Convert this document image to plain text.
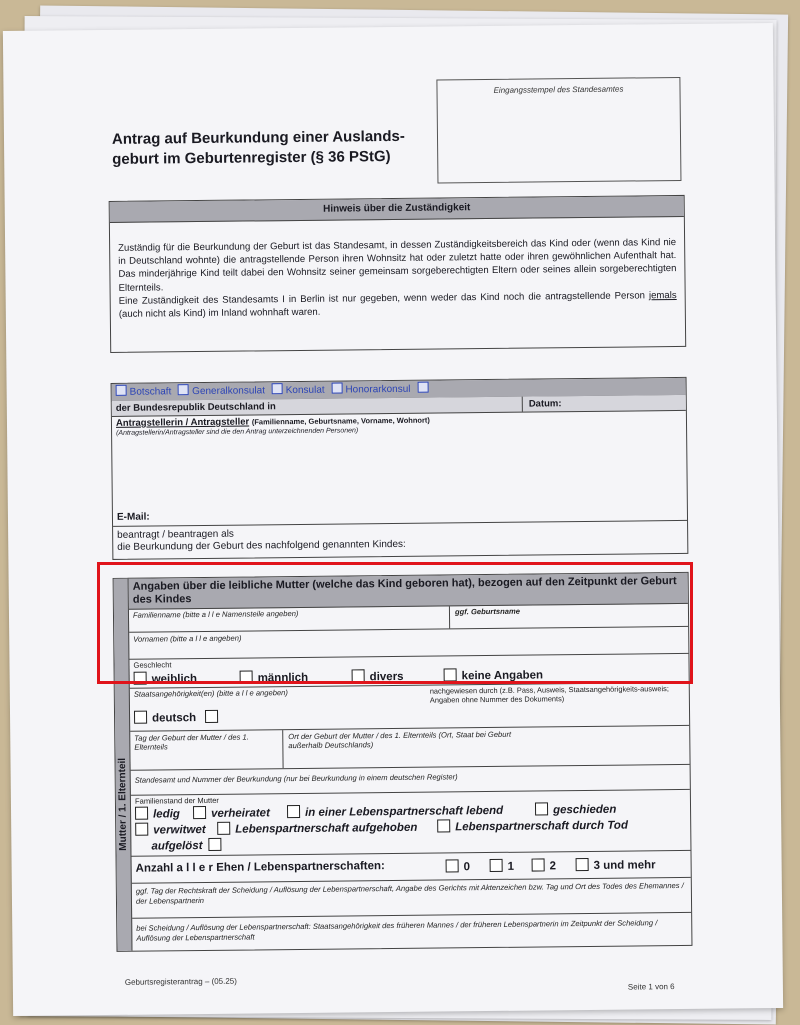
Eingangsstempel des Standesamtes
Antrag auf Beurkundung einer Auslands-
geburt im Geburtenregister (§ 36 PStG)
Hinweis über die Zuständigkeit
Zuständig für die Beurkundung der Geburt ist das Standesamt, in dessen Zuständigkeitsbereich das Kind oder (wenn das Kind nie in Deutschland wohnte) die antragstellende Person ihren Wohnsitz hat oder zuletzt hatte oder ihren gewöhnlichen Aufenthalt hat. Das minderjährige Kind teilt dabei den Wohnsitz seiner gemeinsam sorgeberechtigten Eltern oder seines allein sorgeberechtigten Elternteils.
Eine Zuständigkeit des Standesamts I in Berlin ist nur gegeben, wenn weder das Kind noch die antragstellende Person jemals (auch nicht als Kind) im Inland wohnhaft waren.
Botschaft Generalkonsulat Konsulat Honorarkonsul
der Bundesrepublik Deutschland in	Datum:
Antragstellerin / Antragsteller (Familienname, Geburtsname, Vorname, Wohnort)
(Antragstellerin/Antragsteller sind die den Antrag unterzeichnenden Personen)
E-Mail:
beantragt / beantragen als
die Beurkundung der Geburt des nachfolgend genannten Kindes:
Mutter / 1. Elternteil
Angaben über die leibliche Mutter (welche das Kind geboren hat), bezogen auf den Zeitpunkt der Geburt des Kindes
Familienname (bitte a l l e Namensteile angeben)	ggf. Geburtsname
Vornamen (bitte a l l e angeben)
Geschlecht
weiblich	männlich	divers	keine Angaben
Staatsangehörigkeit(en) (bitte a l l e angeben)	nachgewiesen durch (z.B. Pass, Ausweis, Staatsangehörigkeits-ausweis; Angaben ohne Nummer des Dokuments)
deutsch
Tag der Geburt der Mutter / des 1. Elternteils
Ort der Geburt der Mutter / des 1. Elternteils (Ort, Staat bei Geburt außerhalb Deutschlands)
Standesamt und Nummer der Beurkundung (nur bei Beurkundung in einem deutschen Register)
Familienstand der Mutter
ledig	verheiratet	in einer Lebenspartnerschaft lebend	geschieden
verwitwet	Lebenspartnerschaft aufgehoben	Lebenspartnerschaft durch Tod
aufgelöst
Anzahl a l l e r Ehen / Lebenspartnerschaften:	0	1	2	3 und mehr
ggf. Tag der Rechtskraft der Scheidung / Auflösung der Lebenspartnerschaft, Angabe des Gerichts mit Aktenzeichen bzw. Tag und Ort des Todes des Ehemannes / der Lebenspartnerin
bei Scheidung / Auflösung der Lebenspartnerschaft: Staatsangehörigkeit des früheren Mannes / der früheren Lebenspartnerin im Zeitpunkt der Scheidung / Auflösung der Lebenspartnerschaft
Geburtsregisterantrag – (05.25)	Seite 1 von 6
